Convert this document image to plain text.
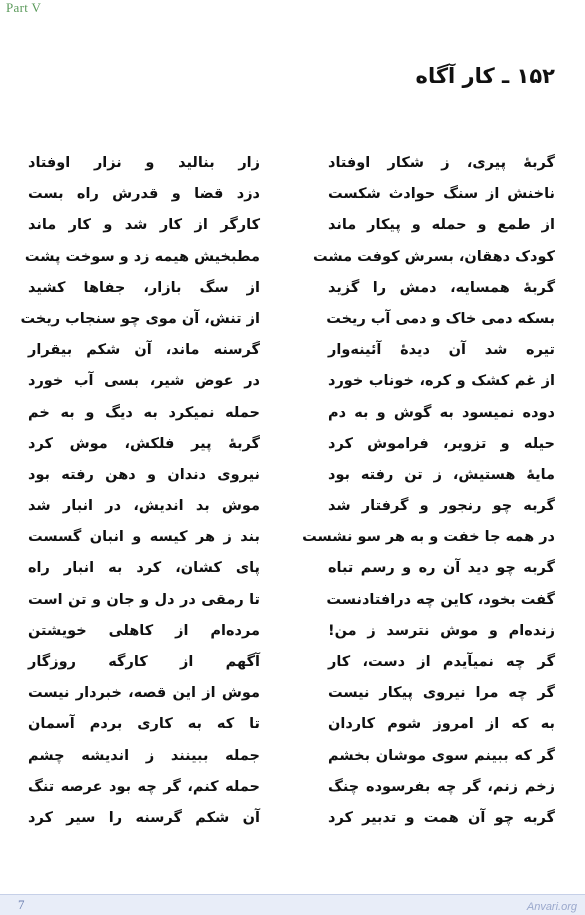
Part V
۱۵۲ ـ کار آگاه
گربهٔ پیری، ز شکار اوفتاد
ناخنش از سنگ حوادث شکست
از طمع و حمله و پیکار ماند
کودک دهقان، بسرش کوفت مشت
گربهٔ همسایه، دمش را گزید
بسکه دمی خاک و دمی آب ریخت
تیره شد آن دیدهٔ آئینه‌وار
از غم کشک و کره، خوناب خورد
دوده نمیسود به گوش و به دم
حیله و تزویر، فراموش کرد
مایهٔ هستیش، ز تن رفته بود
گربه چو رنجور و گرفتار شد
در همه جا خفت و به هر سو نشست
گربه چو دید آن ره و رسم تباه
گفت بخود، کاین چه درافتادنست
زنده‌ام و موش نترسد ز من!
گر چه نمیآیدم از دست، کار
گر چه مرا نیروی پیکار نیست
به که از امروز شوم کاردان
گر که ببینم سوی موشان بخشم
زخم زنم، گر چه بفرسوده چنگ
گربه چو آن همت و تدبیر کرد
زار بنالید و نزار اوفتاد
دزد قضا و قدرش راه بست
کارگر از کار شد و کار ماند
مطبخیش هیمه زد و سوخت پشت
از سگ بازار، جفاها کشید
از تنش، آن موی چو سنجاب ریخت
گرسنه ماند، آن شکم بیقرار
در عوض شیر، بسی آب خورد
حمله نمیکرد به دیگ و به خم
گربهٔ پیر فلکش، موش کرد
نیروی دندان و دهن رفته بود
موش بد اندیش، در انبار شد
بند ز هر کیسه و انبان گسست
پای کشان، کرد به انبار راه
تا رمقی در دل و جان و تن است
مرده‌ام از کاهلی خویشتن
آگهم از کارگه روزگار
موش از این قصه، خبردار نیست
تا که به کاری بردم آسمان
جمله ببینند ز اندیشه چشم
حمله کنم، گر چه بود عرصه تنگ
آن شکم گرسنه را سیر کرد
7	Anvari.org
